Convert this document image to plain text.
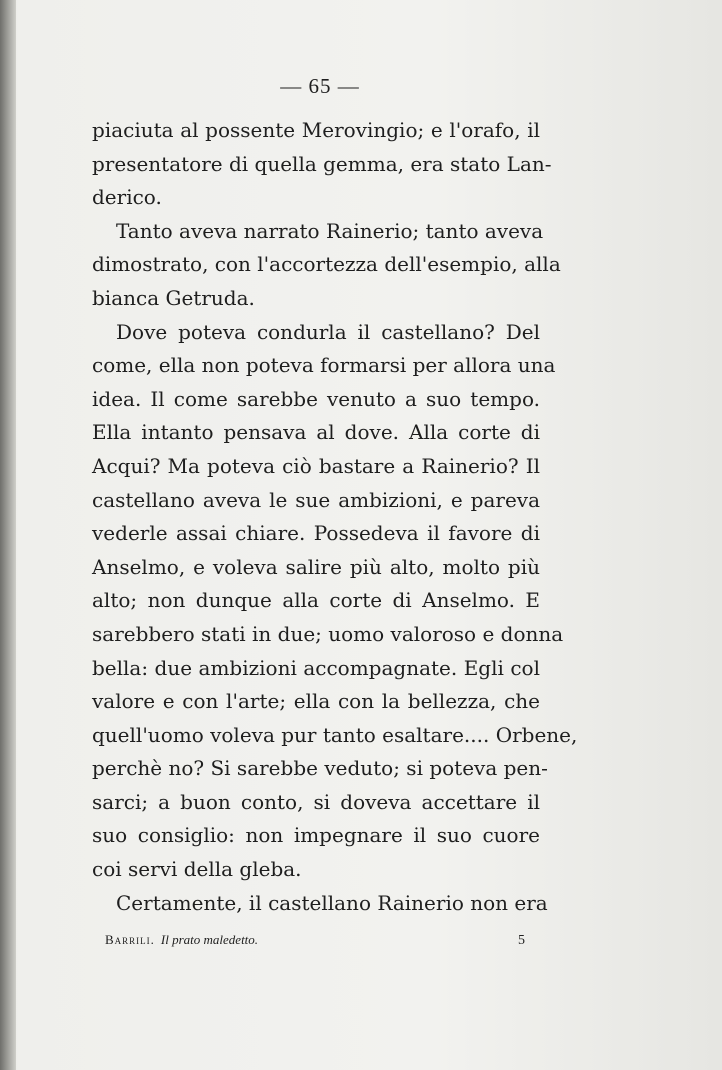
— 65 —
piaciuta al possente Merovingio; e l'orafo, il
presentatore di quella gemma, era stato Lan-
derico.
Tanto aveva narrato Rainerio; tanto aveva
dimostrato, con l'accortezza dell'esempio, alla
bianca Getruda.
Dove poteva condurla il castellano? Del
come, ella non poteva formarsi per allora una
idea. Il come sarebbe venuto a suo tempo.
Ella intanto pensava al dove. Alla corte di
Acqui? Ma poteva ciò bastare a Rainerio? Il
castellano aveva le sue ambizioni, e pareva
vederle assai chiare. Possedeva il favore di
Anselmo, e voleva salire più alto, molto più
alto; non dunque alla corte di Anselmo. E
sarebbero stati in due; uomo valoroso e donna
bella: due ambizioni accompagnate. Egli col
valore e con l'arte; ella con la bellezza, che
quell'uomo voleva pur tanto esaltare.... Orbene,
perchè no? Si sarebbe veduto; si poteva pen-
sarci; a buon conto, si doveva accettare il
suo consiglio: non impegnare il suo cuore
coi servi della gleba.
Certamente, il castellano Rainerio non era
Barrili. Il prato maledetto.	5
